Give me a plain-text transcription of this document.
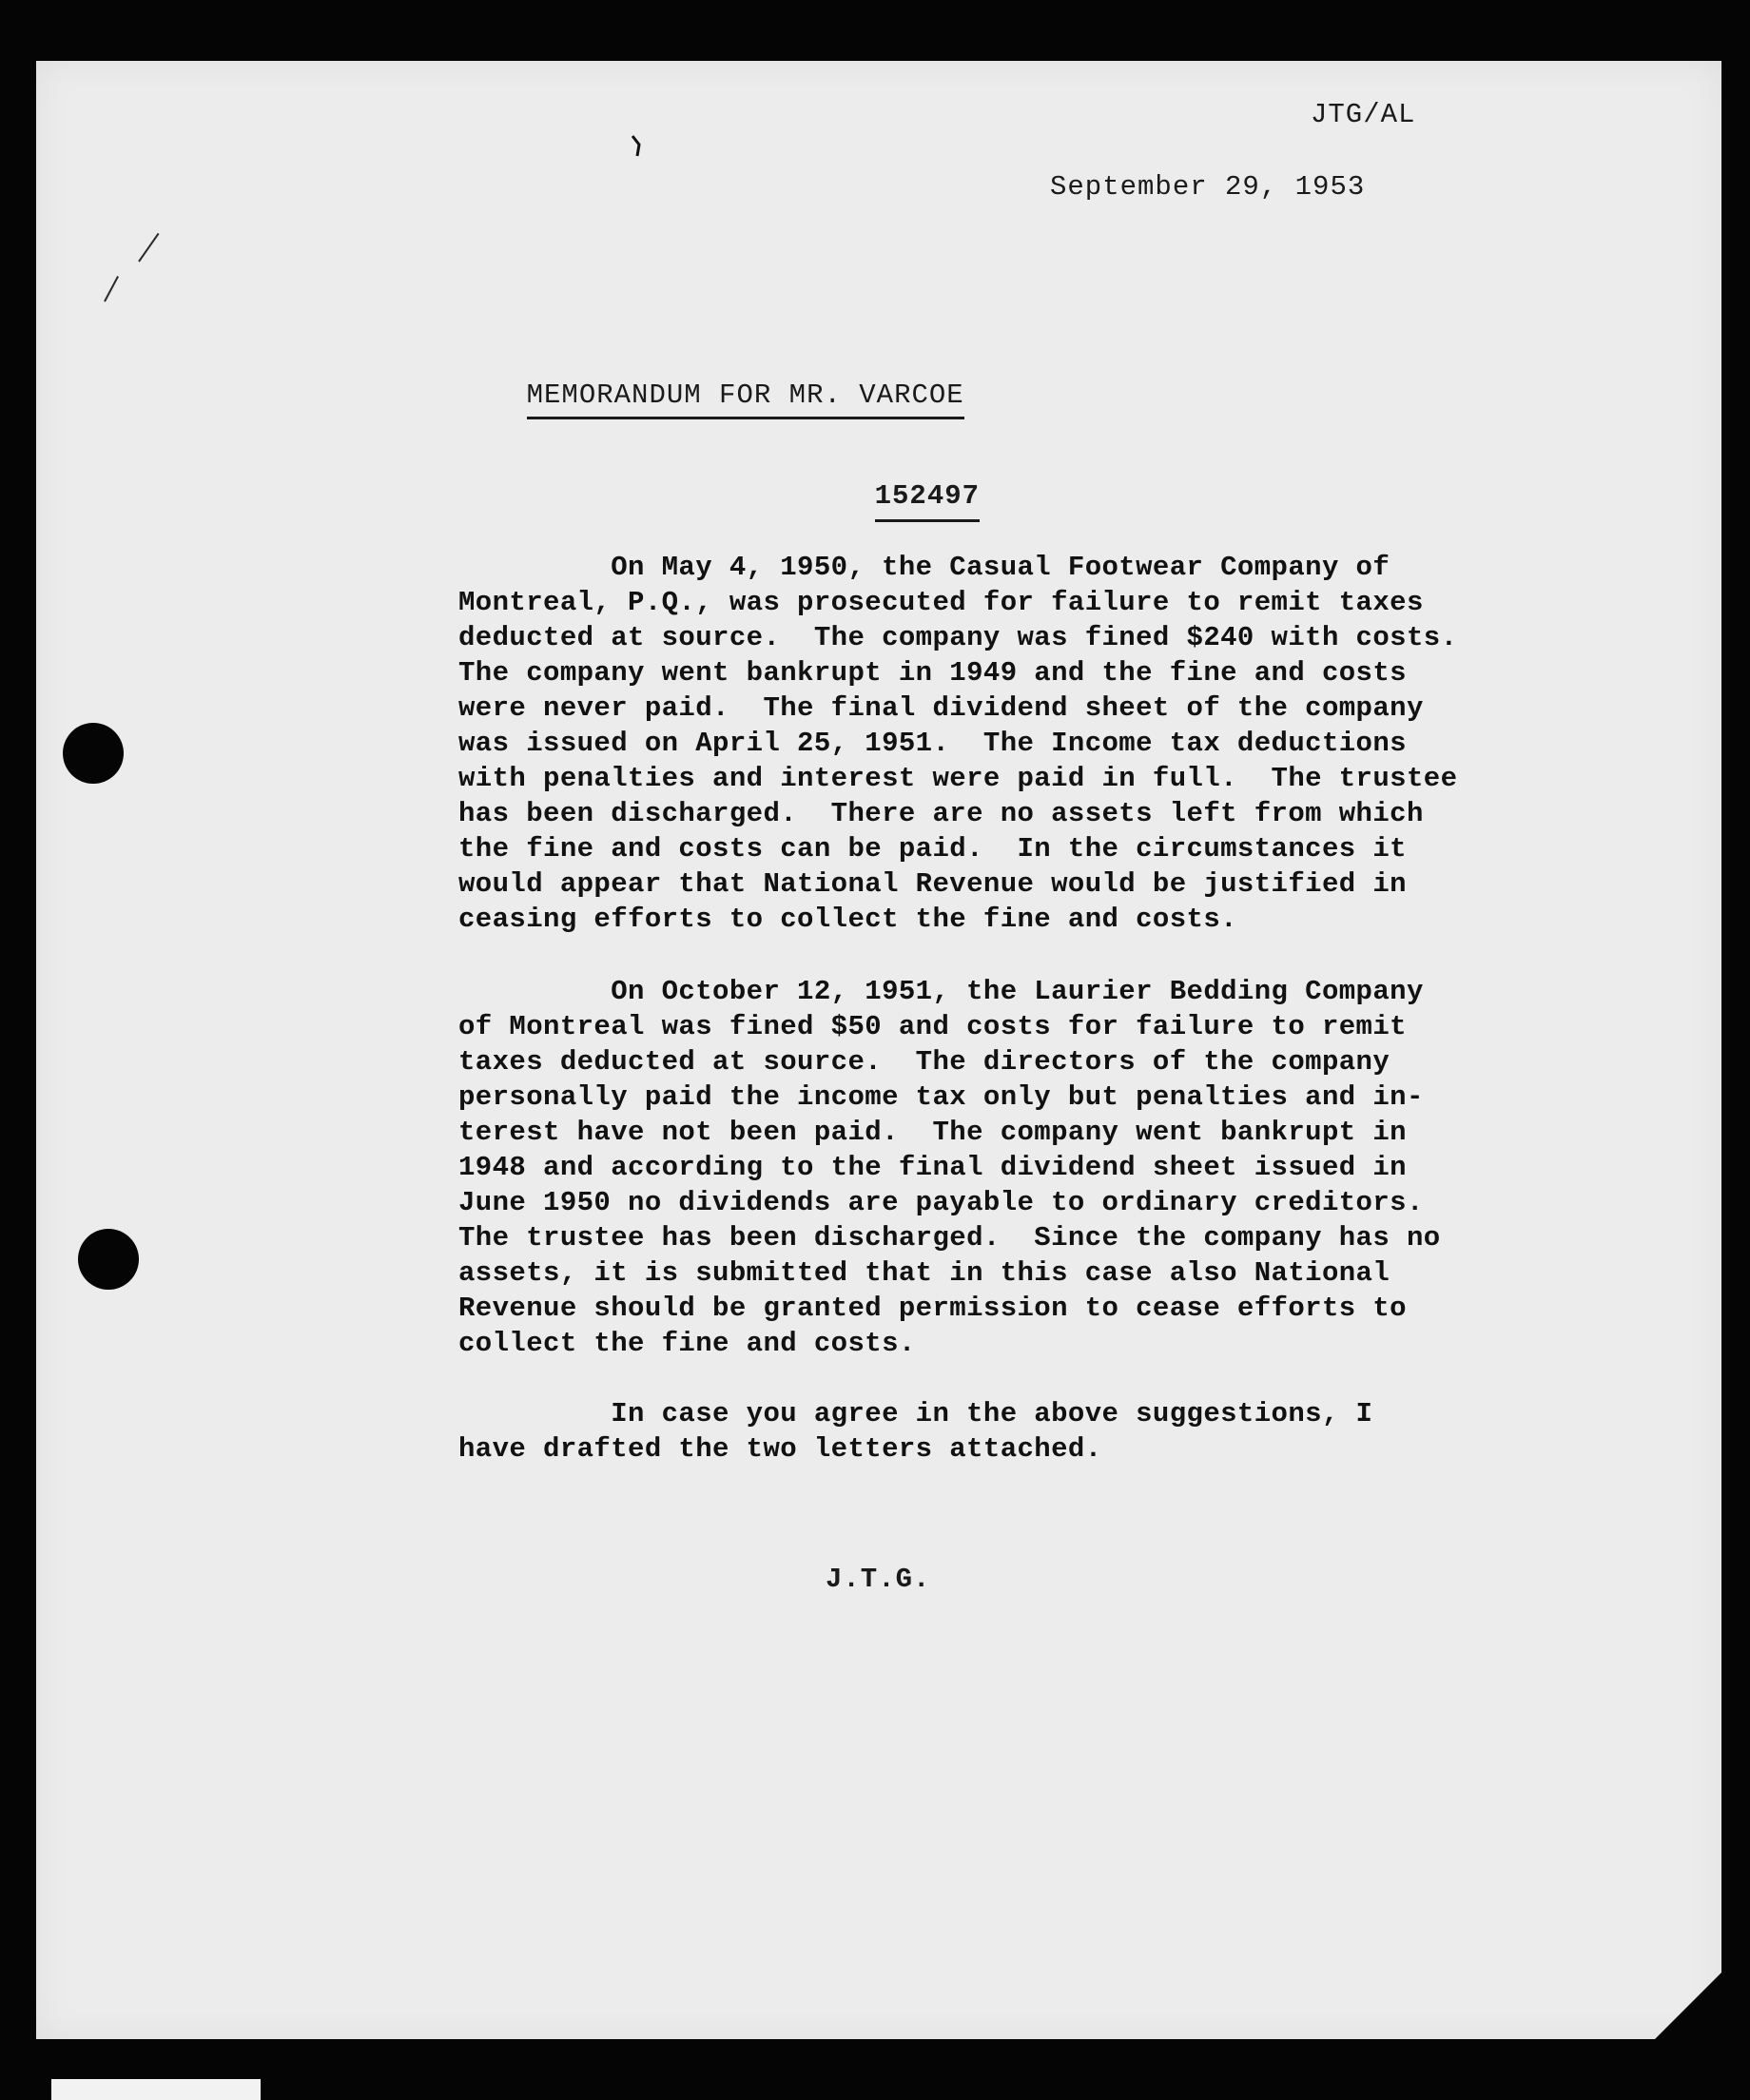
JTG/AL
September 29, 1953

MEMORANDUM FOR MR. VARCOE

152497

On May 4, 1950, the Casual Footwear Company of
Montreal, P.Q., was prosecuted for failure to remit taxes
deducted at source.  The company was fined $240 with costs.
The company went bankrupt in 1949 and the fine and costs
were never paid.  The final dividend sheet of the company
was issued on April 25, 1951.  The Income tax deductions
with penalties and interest were paid in full.  The trustee
has been discharged.  There are no assets left from which
the fine and costs can be paid.  In the circumstances it
would appear that National Revenue would be justified in
ceasing efforts to collect the fine and costs.
On October 12, 1951, the Laurier Bedding Company
of Montreal was fined $50 and costs for failure to remit
taxes deducted at source.  The directors of the company
personally paid the income tax only but penalties and in-
terest have not been paid.  The company went bankrupt in
1948 and according to the final dividend sheet issued in
June 1950 no dividends are payable to ordinary creditors.
The trustee has been discharged.  Since the company has no
assets, it is submitted that in this case also National
Revenue should be granted permission to cease efforts to
collect the fine and costs.
In case you agree in the above suggestions, I
have drafted the two letters attached.
J.T.G.
